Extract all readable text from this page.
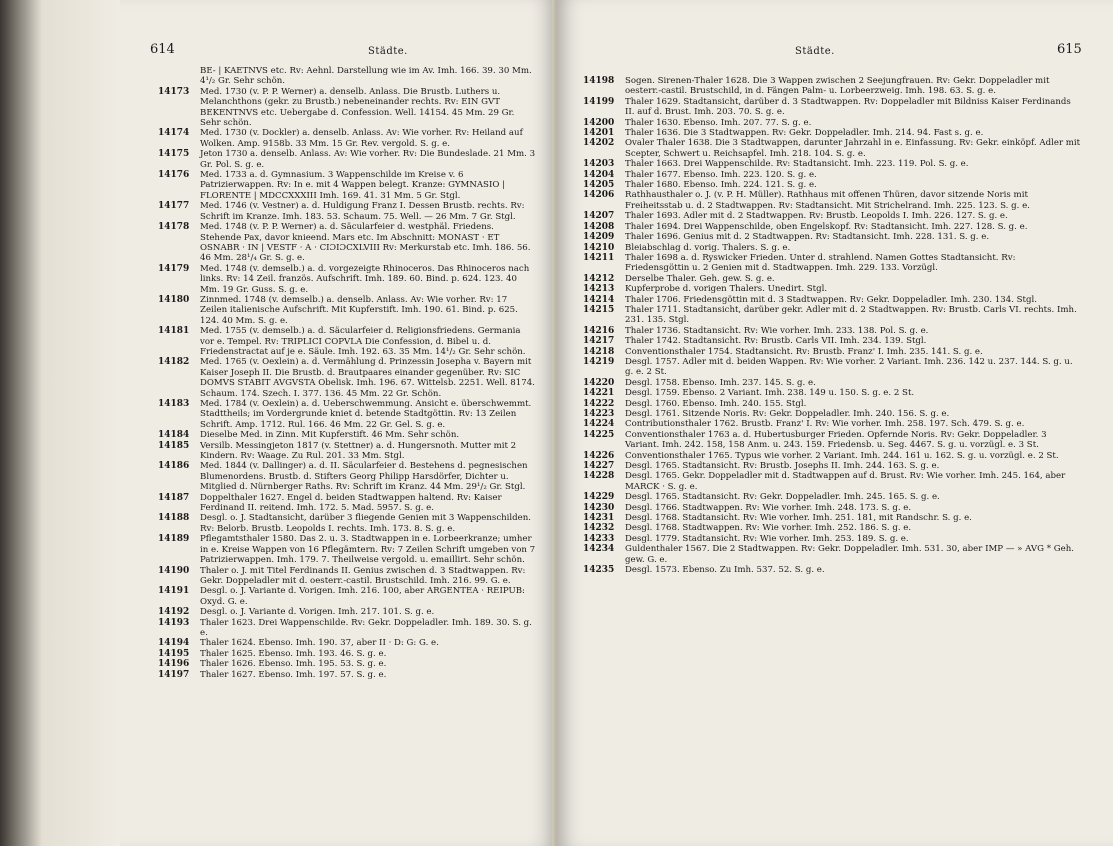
614	Städte.
BE- | KAETNVS etc. Rv: Aehnl. Darstellung wie im Av. Imh. 166. 39. 30 Mm. 4¹/₂ Gr. Sehr schön.
14173 Med. 1730 (v. P. P. Werner) a. denselb. Anlass. Die Brustb. Luthers u. Melanchthons (gekr. zu Brustb.) nebeneinander rechts. Rv: EIN GVT BEKENTNVS etc. Uebergabe d. Confession. Well. 14154. 45 Mm. 29 Gr. Sehr schön.
14174 Med. 1730 (v. Dockler) a. denselb. Anlass. Av: Wie vorher. Rv: Heiland auf Wolken. Amp. 9158b. 33 Mm. 15 Gr. Rev. vergold. S. g. e.
14175 Jeton 1730 a. denselb. Anlass. Av: Wie vorher. Rv: Die Bundeslade. 21 Mm. 3 Gr. Pol. S. g. e.
14176 Med. 1733 a. d. Gymnasium. 3 Wappenschilde im Kreise v. 6 Patrizierwappen. Rv: In e. mit 4 Wappen belegt. Kranze: GYMNASIO | FLORENTE | MDCCXXXIII Imh. 169. 41. 31 Mm. 5 Gr. Stgl.
14177 Med. 1746 (v. Vestner) a. d. Huldigung Franz I. Dessen Brustb. rechts. Rv: Schrift im Kranze. Imh. 183. 53. Schaum. 75. Well. — 26 Mm. 7 Gr. Stgl.
14178 Med. 1748 (v. P. P. Werner) a. d. Säcularfeier d. westphäl. Friedens. Stehende Pax, davor knieend. Mars etc. Im Abschnitt: MONAST · ET OSNABR · IN | VESTF · A · CIƆIƆCXLVIII Rv: Merkurstab etc. Imh. 186. 56. 46 Mm. 28¹/₄ Gr. S. g. e.
14179 Med. 1748 (v. demselb.) a. d. vorgezeigte Rhinoceros. Das Rhinoceros nach links. Rv: 14 Zeil. französ. Aufschrift. Imh. 189. 60. Bind. p. 624. 123. 40 Mm. 19 Gr. Guss. S. g. e.
14180 Zinnmed. 1748 (v. demselb.) a. denselb. Anlass. Av: Wie vorher. Rv: 17 Zeilen italienische Aufschrift. Mit Kupferstift. Imh. 190. 61. Bind. p. 625. 124. 40 Mm. S. g. e.
14181 Med. 1755 (v. demselb.) a. d. Säcularfeier d. Religionsfriedens. Germania vor e. Tempel. Rv: TRIPLICI COPVLA Die Confession, d. Bibel u. d. Friedenstractat auf je e. Säule. Imh. 192. 63. 35 Mm. 14¹/₂ Gr. Sehr schön.
14182 Med. 1765 (v. Oexlein) a. d. Vermählung d. Prinzessin Josepha v. Bayern mit Kaiser Joseph II. Die Brustb. d. Brautpaares einander gegenüber. Rv: SIC DOMVS STABIT AVGVSTA Obelisk. Imh. 196. 67. Wittelsb. 2251. Well. 8174. Schaum. 174. Szech. I. 377. 136. 45 Mm. 22 Gr. Schön.
14183 Med. 1784 (v. Oexlein) a. d. Ueberschwemmung. Ansicht e. überschwemmt. Stadttheils; im Vordergrunde kniet d. betende Stadtgöttin. Rv: 13 Zeilen Schrift. Amp. 1712. Rul. 166. 46 Mm. 22 Gr. Gel. S. g. e.
14184 Dieselbe Med. in Zinn. Mit Kupferstift. 46 Mm. Sehr schön.
14185 Versilb. Messingjeton 1817 (v. Stettner) a. d. Hungersnoth. Mutter mit 2 Kindern. Rv: Waage. Zu Rul. 201. 33 Mm. Stgl.
14186 Med. 1844 (v. Dallinger) a. d. II. Säcularfeier d. Bestehens d. pegnesischen Blumenordens. Brustb. d. Stifters Georg Philipp Harsdörfer, Dichter u. Mitglied d. Nürnberger Raths. Rv: Schrift im Kranz. 44 Mm. 29¹/₂ Gr. Stgl.
14187 Doppelthaler 1627. Engel d. beiden Stadtwappen haltend. Rv: Kaiser Ferdinand II. reitend. Imh. 172. 5. Mad. 5957. S. g. e.
14188 Desgl. o. J. Stadtansicht, darüber 3 fliegende Genien mit 3 Wappenschilden. Rv: Belorb. Brustb. Leopolds I. rechts. Imh. 173. 8. S. g. e.
14189 Pflegamtsthaler 1580. Das 2. u. 3. Stadtwappen in e. Lorbeerkranze; umher in e. Kreise Wappen von 16 Pflegämtern. Rv: 7 Zeilen Schrift umgeben von 7 Patrizierwappen. Imh. 179. 7. Theilweise vergold. u. emaillirt. Sehr schön.
14190 Thaler o. J. mit Titel Ferdinands II. Genius zwischen d. 3 Stadtwappen. Rv: Gekr. Doppeladler mit d. oesterr.-castil. Brustschild. Imh. 216. 99. G. e.
14191 Desgl. o. J. Variante d. Vorigen. Imh. 216. 100, aber ARGENTEA · REIPUB: Oxyd. G. e.
14192 Desgl. o. J. Variante d. Vorigen. Imh. 217. 101. S. g. e.
14193 Thaler 1623. Drei Wappenschilde. Rv: Gekr. Doppeladler. Imh. 189. 30. S. g. e.
14194 Thaler 1624. Ebenso. Imh. 190. 37, aber II · D: G: G. e.
14195 Thaler 1625. Ebenso. Imh. 193. 46. S. g. e.
14196 Thaler 1626. Ebenso. Imh. 195. 53. S. g. e.
14197 Thaler 1627. Ebenso. Imh. 197. 57. S. g. e.
Städte.	615
14198 Sogen. Sirenen-Thaler 1628. Die 3 Wappen zwischen 2 Seejungfrauen. Rv: Gekr. Doppeladler mit oesterr.-castil. Brustschild, in d. Fängen Palm- u. Lorbeerzweig. Imh. 198. 63. S. g. e.
14199 Thaler 1629. Stadtansicht, darüber d. 3 Stadtwappen. Rv: Doppeladler mit Bildniss Kaiser Ferdinands II. auf d. Brust. Imh. 203. 70. S. g. e.
14200 Thaler 1630. Ebenso. Imh. 207. 77. S. g. e.
14201 Thaler 1636. Die 3 Stadtwappen. Rv: Gekr. Doppeladler. Imh. 214. 94. Fast s. g. e.
14202 Ovaler Thaler 1638. Die 3 Stadtwappen, darunter Jahrzahl in e. Einfassung. Rv: Gekr. einköpf. Adler mit Scepter, Schwert u. Reichsapfel. Imh. 218. 104. S. g. e.
14203 Thaler 1663. Drei Wappenschilde. Rv: Stadtansicht. Imh. 223. 119. Pol. S. g. e.
14204 Thaler 1677. Ebenso. Imh. 223. 120. S. g. e.
14205 Thaler 1680. Ebenso. Imh. 224. 121. S. g. e.
14206 Rathhausthaler o. J. (v. P. H. Müller). Rathhaus mit offenen Thüren, davor sitzende Noris mit Freiheitsstab u. d. 2 Stadtwappen. Rv: Stadtansicht. Mit Strichelrand. Imh. 225. 123. S. g. e.
14207 Thaler 1693. Adler mit d. 2 Stadtwappen. Rv: Brustb. Leopolds I. Imh. 226. 127. S. g. e.
14208 Thaler 1694. Drei Wappenschilde, oben Engelskopf. Rv: Stadtansicht. Imh. 227. 128. S. g. e.
14209 Thaler 1696. Genius mit d. 2 Stadtwappen. Rv: Stadtansicht. Imh. 228. 131. S. g. e.
14210 Bleiabschlag d. vorig. Thalers. S. g. e.
14211 Thaler 1698 a. d. Ryswicker Frieden. Unter d. strahlend. Namen Gottes Stadtansicht. Rv: Friedensgöttin u. 2 Genien mit d. Stadtwappen. Imh. 229. 133. Vorzügl.
14212 Derselbe Thaler. Geh. gew. S. g. e.
14213 Kupferprobe d. vorigen Thalers. Unedirt. Stgl.
14214 Thaler 1706. Friedensgöttin mit d. 3 Stadtwappen. Rv: Gekr. Doppeladler. Imh. 230. 134. Stgl.
14215 Thaler 1711. Stadtansicht, darüber gekr. Adler mit d. 2 Stadtwappen. Rv: Brustb. Carls VI. rechts. Imh. 231. 135. Stgl.
14216 Thaler 1736. Stadtansicht. Rv: Wie vorher. Imh. 233. 138. Pol. S. g. e.
14217 Thaler 1742. Stadtansicht. Rv: Brustb. Carls VII. Imh. 234. 139. Stgl.
14218 Conventionsthaler 1754. Stadtansicht. Rv: Brustb. Franz' I. Imh. 235. 141. S. g. e.
14219 Desgl. 1757. Adler mit d. beiden Wappen. Rv: Wie vorher. 2 Variant. Imh. 236. 142 u. 237. 144. S. g. u. g. e. 2 St.
14220 Desgl. 1758. Ebenso. Imh. 237. 145. S. g. e.
14221 Desgl. 1759. Ebenso. 2 Variant. Imh. 238. 149 u. 150. S. g. e. 2 St.
14222 Desgl. 1760. Ebenso. Imh. 240. 155. Stgl.
14223 Desgl. 1761. Sitzende Noris. Rv: Gekr. Doppeladler. Imh. 240. 156. S. g. e.
14224 Contributionsthaler 1762. Brustb. Franz' I. Rv: Wie vorher. Imh. 258. 197. Sch. 479. S. g. e.
14225 Conventionsthaler 1763 a. d. Hubertusburger Frieden. Opfernde Noris. Rv: Gekr. Doppeladler. 3 Variant. Imh. 242. 158, 158 Anm. u. 243. 159. Friedensb. u. Seg. 4467. S. g. u. vorzügl. e. 3 St.
14226 Conventionsthaler 1765. Typus wie vorher. 2 Variant. Imh. 244. 161 u. 162. S. g. u. vorzügl. e. 2 St.
14227 Desgl. 1765. Stadtansicht. Rv: Brustb. Josephs II. Imh. 244. 163. S. g. e.
14228 Desgl. 1765. Gekr. Doppeladler mit d. Stadtwappen auf d. Brust. Rv: Wie vorher. Imh. 245. 164, aber MARCK · S. g. e.
14229 Desgl. 1765. Stadtansicht. Rv: Gekr. Doppeladler. Imh. 245. 165. S. g. e.
14230 Desgl. 1766. Stadtwappen. Rv: Wie vorher. Imh. 248. 173. S. g. e.
14231 Desgl. 1768. Stadtansicht. Rv: Wie vorher. Imh. 251. 181, mit Randschr. S. g. e.
14232 Desgl. 1768. Stadtwappen. Rv: Wie vorher. Imh. 252. 186. S. g. e.
14233 Desgl. 1779. Stadtansicht. Rv: Wie vorher. Imh. 253. 189. S. g. e.
14234 Guldenthaler 1567. Die 2 Stadtwappen. Rv: Gekr. Doppeladler. Imh. 531. 30, aber IMP — » AVG * Geh. gew. G. e.
14235 Desgl. 1573. Ebenso. Zu Imh. 537. 52. S. g. e.
